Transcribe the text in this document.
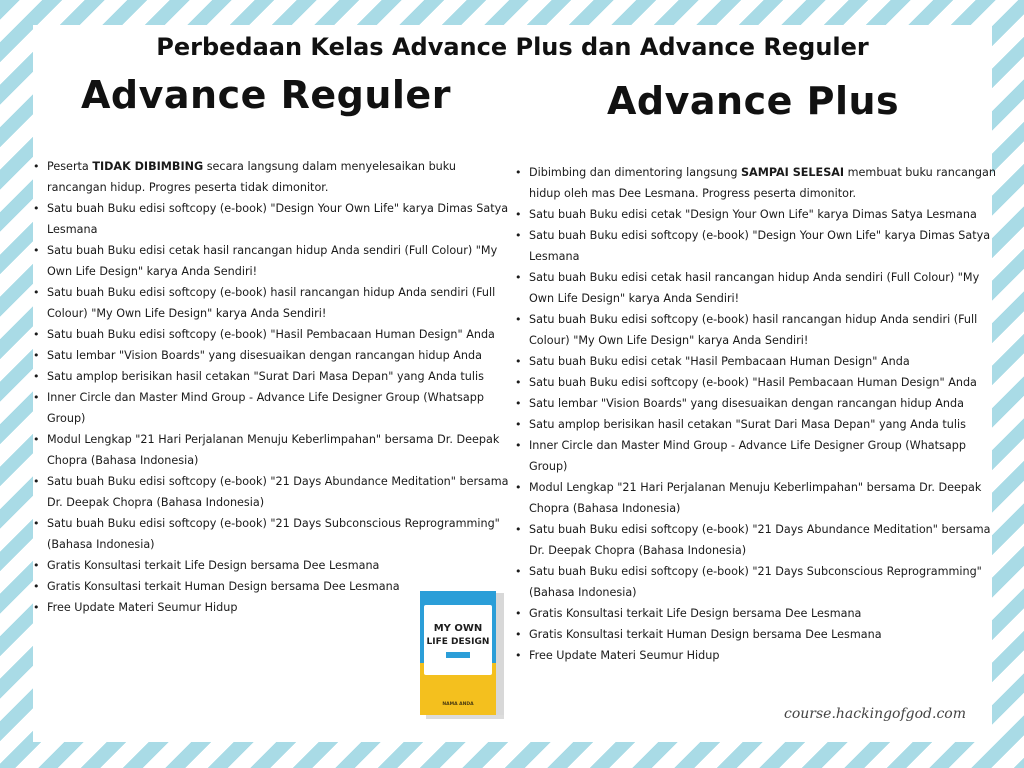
Perbedaan Kelas Advance Plus dan Advance Reguler
Advance Reguler	Advance Plus
• Peserta TIDAK DIBIMBING secara langsung dalam menyelesaikan buku rancangan hidup. Progres peserta tidak dimonitor.
• Satu buah Buku edisi softcopy (e-book) "Design Your Own Life" karya Dimas Satya Lesmana
• Satu buah Buku edisi cetak hasil rancangan hidup Anda sendiri (Full Colour) "My Own Life Design" karya Anda Sendiri!
• Satu buah Buku edisi softcopy (e-book) hasil rancangan hidup Anda sendiri (Full Colour) "My Own Life Design" karya Anda Sendiri!
• Satu buah Buku edisi softcopy (e-book) "Hasil Pembacaan Human Design" Anda
• Satu lembar "Vision Boards" yang disesuaikan dengan rancangan hidup Anda
• Satu amplop berisikan hasil cetakan "Surat Dari Masa Depan" yang Anda tulis
• Inner Circle dan Master Mind Group - Advance Life Designer Group (Whatsapp Group)
• Modul Lengkap "21 Hari Perjalanan Menuju Keberlimpahan" bersama Dr. Deepak Chopra (Bahasa Indonesia)
• Satu buah Buku edisi softcopy (e-book) "21 Days Abundance Meditation" bersama Dr. Deepak Chopra (Bahasa Indonesia)
• Satu buah Buku edisi softcopy (e-book) "21 Days Subconscious Reprogramming" (Bahasa Indonesia)
• Gratis Konsultasi terkait Life Design bersama Dee Lesmana
• Gratis Konsultasi terkait Human Design bersama Dee Lesmana
• Free Update Materi Seumur Hidup
• Dibimbing dan dimentoring langsung SAMPAI SELESAI membuat buku rancangan hidup oleh mas Dee Lesmana. Progress peserta dimonitor.
• Satu buah Buku edisi cetak "Design Your Own Life" karya Dimas Satya Lesmana
• Satu buah Buku edisi softcopy (e-book) "Design Your Own Life" karya Dimas Satya Lesmana
• Satu buah Buku edisi cetak hasil rancangan hidup Anda sendiri (Full Colour) "My Own Life Design" karya Anda Sendiri!
• Satu buah Buku edisi softcopy (e-book) hasil rancangan hidup Anda sendiri (Full Colour) "My Own Life Design" karya Anda Sendiri!
• Satu buah Buku edisi cetak "Hasil Pembacaan Human Design" Anda
• Satu buah Buku edisi softcopy (e-book) "Hasil Pembacaan Human Design" Anda
• Satu lembar "Vision Boards" yang disesuaikan dengan rancangan hidup Anda
• Satu amplop berisikan hasil cetakan "Surat Dari Masa Depan" yang Anda tulis
• Inner Circle dan Master Mind Group - Advance Life Designer Group (Whatsapp Group)
• Modul Lengkap "21 Hari Perjalanan Menuju Keberlimpahan" bersama Dr. Deepak Chopra (Bahasa Indonesia)
• Satu buah Buku edisi softcopy (e-book) "21 Days Abundance Meditation" bersama Dr. Deepak Chopra (Bahasa Indonesia)
• Satu buah Buku edisi softcopy (e-book) "21 Days Subconscious Reprogramming" (Bahasa Indonesia)
• Gratis Konsultasi terkait Life Design bersama Dee Lesmana
• Gratis Konsultasi terkait Human Design bersama Dee Lesmana
• Free Update Materi Seumur Hidup
MY OWN
LIFE DESIGN
NAMA ANDA
course.hackingofgod.com
